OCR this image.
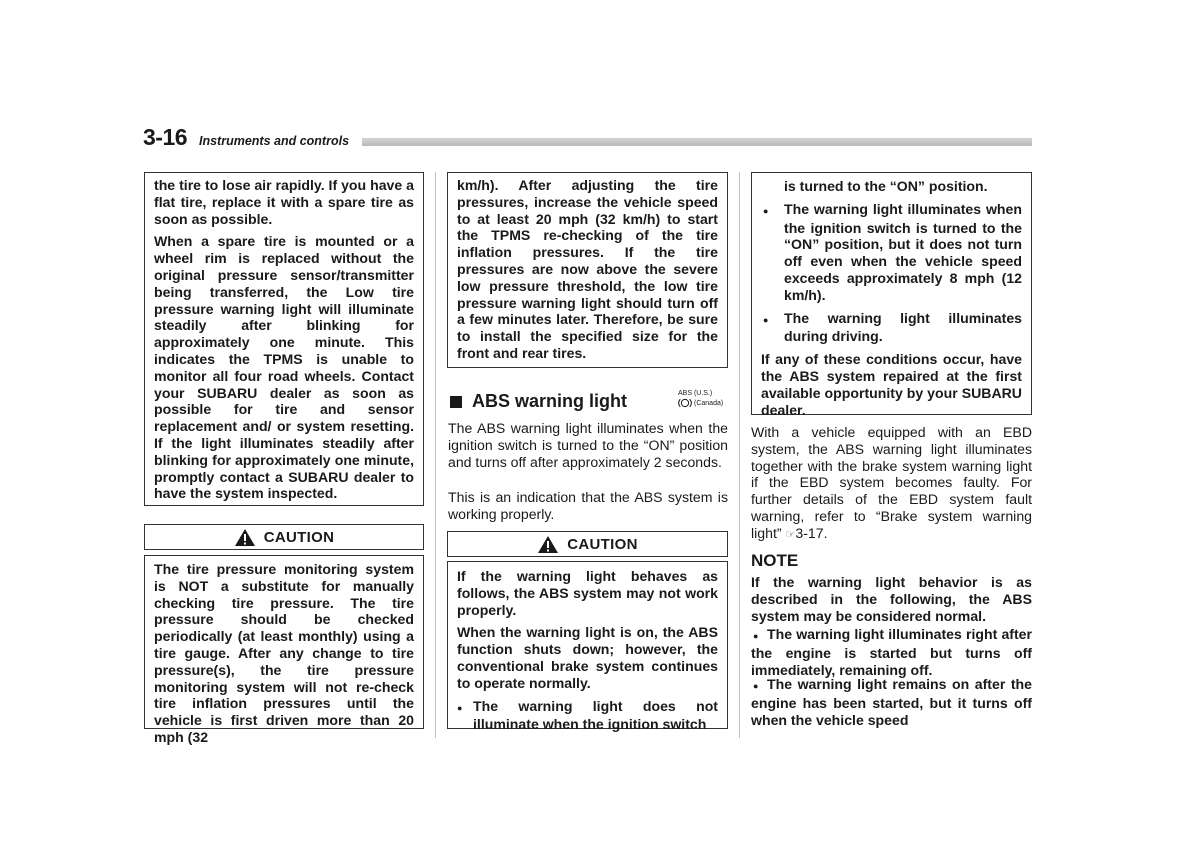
3-16 Instruments and controls

the tire to lose air rapidly. If you have a flat tire, replace it with a spare tire as soon as possible.

When a spare tire is mounted or a wheel rim is replaced without the original pressure sensor/transmitter being transferred, the Low tire pressure warning light will illuminate steadily after blinking for approximately one minute. This indicates the TPMS is unable to monitor all four road wheels. Contact your SUBARU dealer as soon as possible for tire and sensor replacement and/ or system resetting. If the light illuminates steadily after blinking for approximately one minute, promptly contact a SUBARU dealer to have the system inspected.

CAUTION

The tire pressure monitoring system is NOT a substitute for manually checking tire pressure. The tire pressure should be checked periodically (at least monthly) using a tire gauge. After any change to tire pressure(s), the tire pressure monitoring system will not re-check tire inflation pressures until the vehicle is first driven more than 20 mph (32

km/h). After adjusting the tire pressures, increase the vehicle speed to at least 20 mph (32 km/h) to start the TPMS re-checking of the tire inflation pressures. If the tire pressures are now above the severe low pressure threshold, the low tire pressure warning light should turn off a few minutes later. Therefore, be sure to install the specified size for the front and rear tires.

ABS warning light	ABS (U.S.)
(Canada)

The ABS warning light illuminates when the ignition switch is turned to the “ON” position and turns off after approximately 2 seconds.

This is an indication that the ABS system is working properly.

CAUTION

If the warning light behaves as follows, the ABS system may not work properly.

When the warning light is on, the ABS function shuts down; however, the conventional brake system continues to operate normally.

● The warning light does not illuminate when the ignition switch

is turned to the “ON” position.

● The warning light illuminates when the ignition switch is turned to the “ON” position, but it does not turn off even when the vehicle speed exceeds approximately 8 mph (12 km/h).

● The warning light illuminates during driving.

If any of these conditions occur, have the ABS system repaired at the first available opportunity by your SUBARU dealer.

With a vehicle equipped with an EBD system, the ABS warning light illuminates together with the brake system warning light if the EBD system becomes faulty. For further details of the EBD system fault warning, refer to “Brake system warning light” ☞3-17.

NOTE

If the warning light behavior is as described in the following, the ABS system may be considered normal.

● The warning light illuminates right after the engine is started but turns off immediately, remaining off.

● The warning light remains on after the engine has been started, but it turns off when the vehicle speed
